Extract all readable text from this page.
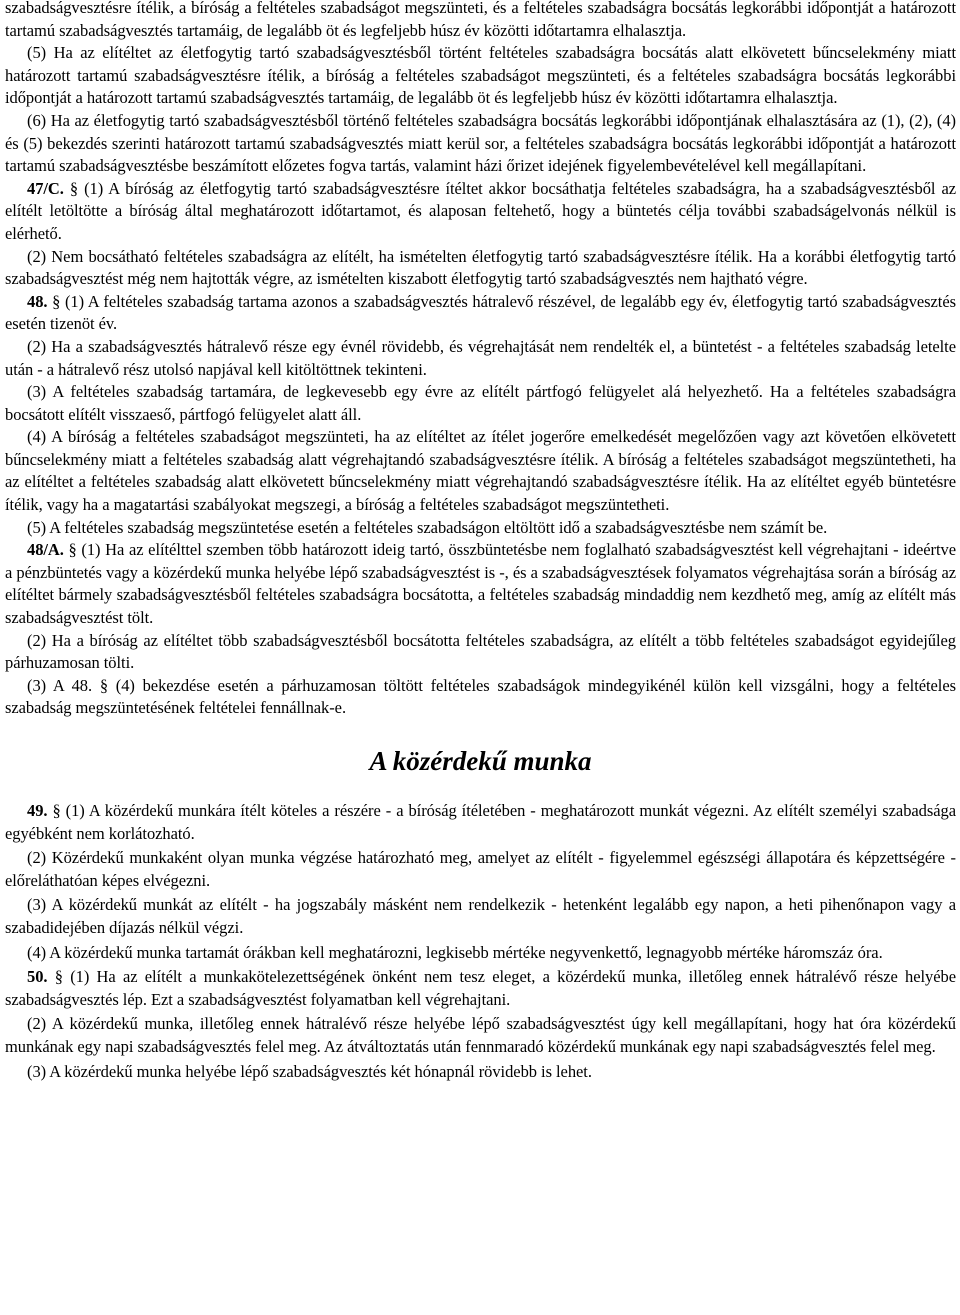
szabadságvesztésre ítélik, a bíróság a feltételes szabadságot megszünteti, és a feltételes szabadságra bocsátás legkorábbi időpontját a határozott tartamú szabadságvesztés tartamáig, de legalább öt és legfeljebb húsz év közötti időtartamra elhalasztja.

(5) Ha az elítéltet az életfogytig tartó szabadságvesztésből történt feltételes szabadságra bocsátás alatt elkövetett bűncselekmény miatt határozott tartamú szabadságvesztésre ítélik, a bíróság a feltételes szabadságot megszünteti, és a feltételes szabadságra bocsátás legkorábbi időpontját a határozott tartamú szabadságvesztés tartamáig, de legalább öt és legfeljebb húsz év közötti időtartamra elhalasztja.

(6) Ha az életfogytig tartó szabadságvesztésből történő feltételes szabadságra bocsátás legkorábbi időpontjának elhalasztására az (1), (2), (4) és (5) bekezdés szerinti határozott tartamú szabadságvesztés miatt kerül sor, a feltételes szabadságra bocsátás legkorábbi időpontját a határozott tartamú szabadságvesztésbe beszámított előzetes fogva tartás, valamint házi őrizet idejének figyelembevételével kell megállapítani.

47/C. § (1) A bíróság az életfogytig tartó szabadságvesztésre ítéltet akkor bocsáthatja feltételes szabadságra, ha a szabadságvesztésből az elítélt letöltötte a bíróság által meghatározott időtartamot, és alaposan feltehető, hogy a büntetés célja további szabadságelvonás nélkül is elérhető.

(2) Nem bocsátható feltételes szabadságra az elítélt, ha ismételten életfogytig tartó szabadságvesztésre ítélik. Ha a korábbi életfogytig tartó szabadságvesztést még nem hajtották végre, az ismételten kiszabott életfogytig tartó szabadságvesztés nem hajtható végre.

48. § (1) A feltételes szabadság tartama azonos a szabadságvesztés hátralevő részével, de legalább egy év, életfogytig tartó szabadságvesztés esetén tizenöt év.

(2) Ha a szabadságvesztés hátralevő része egy évnél rövidebb, és végrehajtását nem rendelték el, a büntetést - a feltételes szabadság letelte után - a hátralevő rész utolsó napjával kell kitöltöttnek tekinteni.

(3) A feltételes szabadság tartamára, de legkevesebb egy évre az elítélt pártfogó felügyelet alá helyezhető. Ha a feltételes szabadságra bocsátott elítélt visszaeső, pártfogó felügyelet alatt áll.

(4) A bíróság a feltételes szabadságot megszünteti, ha az elítéltet az ítélet jogerőre emelkedését megelőzően vagy azt követően elkövetett bűncselekmény miatt a feltételes szabadság alatt végrehajtandó szabadságvesztésre ítélik. A bíróság a feltételes szabadságot megszüntetheti, ha az elítéltet a feltételes szabadság alatt elkövetett bűncselekmény miatt végrehajtandó szabadságvesztésre ítélik. Ha az elítéltet egyéb büntetésre ítélik, vagy ha a magatartási szabályokat megszegi, a bíróság a feltételes szabadságot megszüntetheti.

(5) A feltételes szabadság megszüntetése esetén a feltételes szabadságon eltöltött idő a szabadságvesztésbe nem számít be.

48/A. § (1) Ha az elítélttel szemben több határozott ideig tartó, összbüntetésbe nem foglalható szabadságvesztést kell végrehajtani - ideértve a pénzbüntetés vagy a közérdekű munka helyébe lépő szabadságvesztést is -, és a szabadságvesztések folyamatos végrehajtása során a bíróság az elítéltet bármely szabadságvesztésből feltételes szabadságra bocsátotta, a feltételes szabadság mindaddig nem kezdhető meg, amíg az elítélt más szabadságvesztést tölt.

(2) Ha a bíróság az elítéltet több szabadságvesztésből bocsátotta feltételes szabadságra, az elítélt a több feltételes szabadságot egyidejűleg párhuzamosan tölti.

(3) A 48. § (4) bekezdése esetén a párhuzamosan töltött feltételes szabadságok mindegyikénél külön kell vizsgálni, hogy a feltételes szabadság megszüntetésének feltételei fennállnak-e.

A közérdekű munka

49. § (1) A közérdekű munkára ítélt köteles a részére - a bíróság ítéletében - meghatározott munkát végezni. Az elítélt személyi szabadsága egyébként nem korlátozható.

(2) Közérdekű munkaként olyan munka végzése határozható meg, amelyet az elítélt - figyelemmel egészségi állapotára és képzettségére - előreláthatóan képes elvégezni.

(3) A közérdekű munkát az elítélt - ha jogszabály másként nem rendelkezik - hetenként legalább egy napon, a heti pihenőnapon vagy a szabadidejében díjazás nélkül végzi.

(4) A közérdekű munka tartamát órákban kell meghatározni, legkisebb mértéke negyvenkettő, legnagyobb mértéke háromszáz óra.

50. § (1) Ha az elítélt a munkakötelezettségének önként nem tesz eleget, a közérdekű munka, illetőleg ennek hátralévő része helyébe szabadságvesztés lép. Ezt a szabadságvesztést folyamatban kell végrehajtani.

(2) A közérdekű munka, illetőleg ennek hátralévő része helyébe lépő szabadságvesztést úgy kell megállapítani, hogy hat óra közérdekű munkának egy napi szabadságvesztés felel meg. Az átváltoztatás után fennmaradó közérdekű munkának egy napi szabadságvesztés felel meg.

(3) A közérdekű munka helyébe lépő szabadságvesztés két hónapnál rövidebb is lehet.
